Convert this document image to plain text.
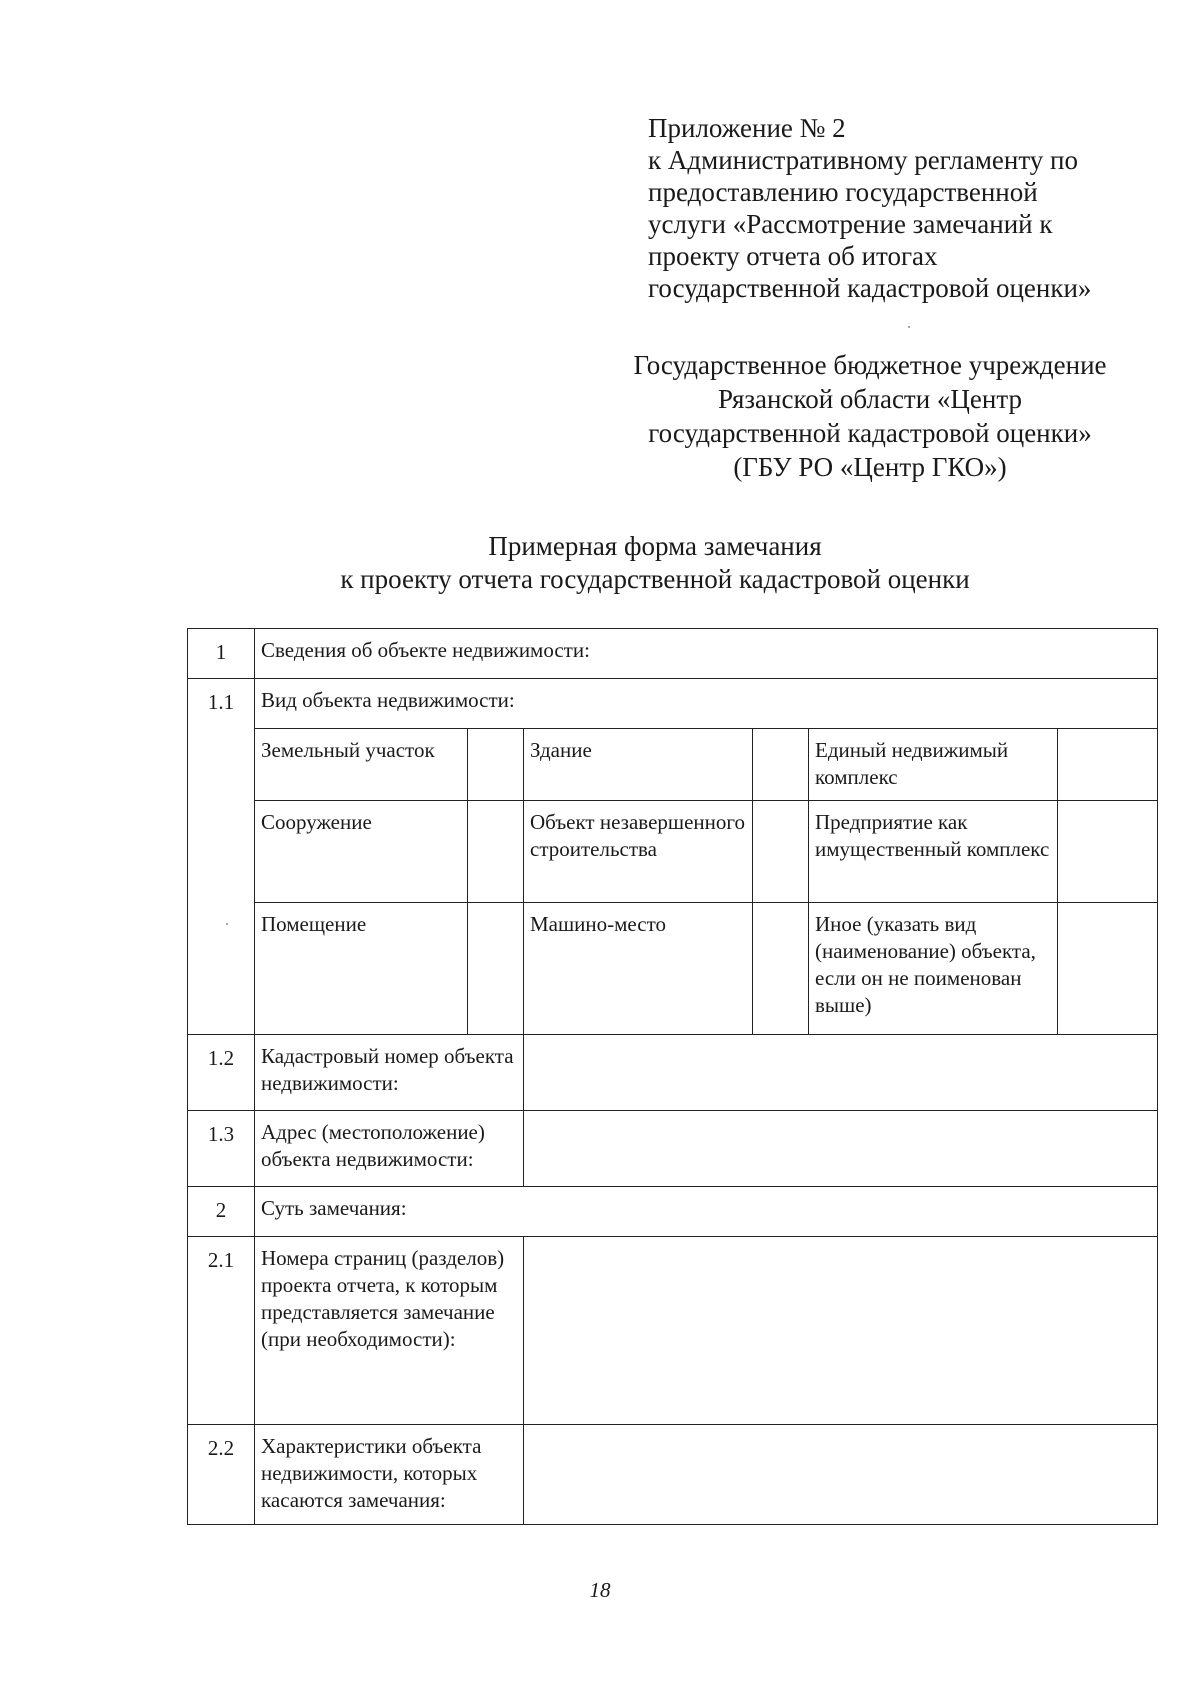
Приложение № 2
к Административному регламенту по
предоставлению государственной
услуги «Рассмотрение замечаний к
проекту отчета об итогах
государственной кадастровой оценки»
Государственное бюджетное учреждение
Рязанской области «Центр
государственной кадастровой оценки»
(ГБУ РО «Центр ГКО»)
Примерная форма замечания
к проекту отчета государственной кадастровой оценки
1	Сведения об объекте недвижимости:					
1.1	Вид объекта недвижимости:					
	Земельный участок		Здание		Единый недвижимый комплекс	
	Сооружение		Объект незавершенного строительства		Предприятие как имущественный комплекс	
	Помещение		Машино-место		Иное (указать вид (наименование) объекта, если он не поименован выше)	
1.2	Кадастровый номер объекта недвижимости:					
1.3	Адрес (местоположение) объекта недвижимости:					
2	Суть замечания:					
2.1	Номера страниц (разделов) проекта отчета, к которым представляется замечание (при необходимости):					
2.2	Характеристики объекта недвижимости, которых касаются замечания:					
18
